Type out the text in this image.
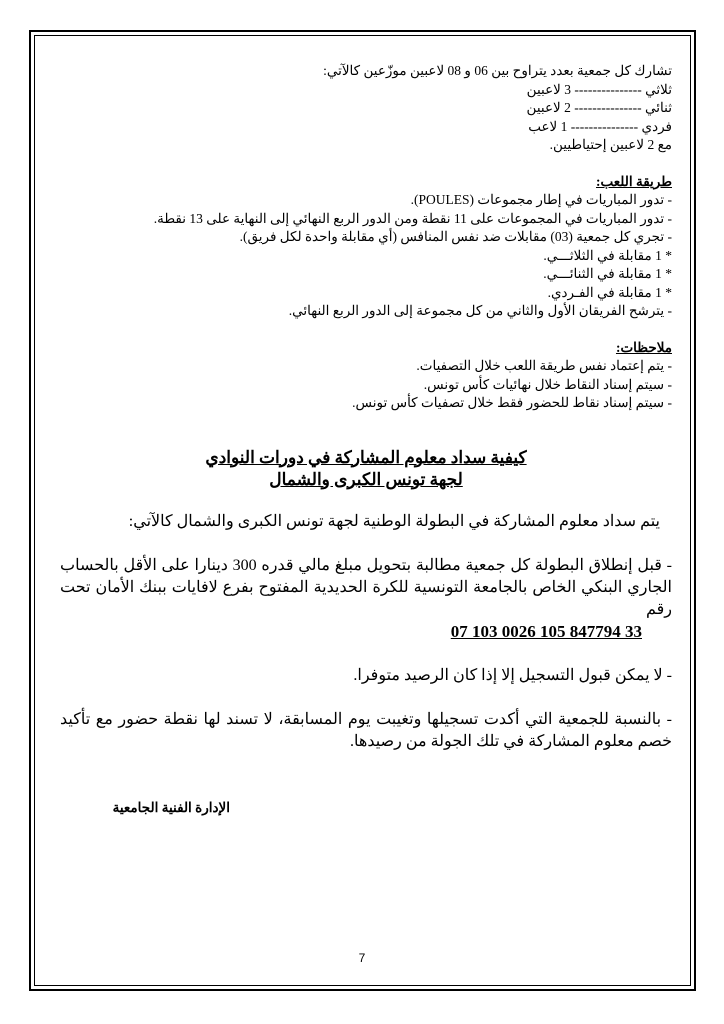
تشارك كل جمعية بعدد يتراوح بين 06 و 08 لاعبين موزّعين كالآتي:

ثلاثي --------------- 3 لاعبين

ثنائي --------------- 2 لاعبين

فردي --------------- 1 لاعب

مع 2 لاعبين إحتياطيين.

طريقة اللعب:

- تدور المباريات في إطار مجموعات (POULES).

- تدور المباريات في المجموعات على 11 نقطة ومن الدور الربع النهائي إلى النهاية على 13 نقطة.

- تجري كل جمعية (03) مقابلات ضد نفس المنافس (أي مقابلة واحدة لكل فريق).

* 1 مقابلة في الثلاثـــي.

* 1 مقابلة في الثنائـــي.

* 1 مقابلة في الفـردي.

- يترشح الفريقان الأول والثاني من كل مجموعة إلى الدور الربع النهائي.

ملاحظات:

- يتم إعتماد نفس طريقة اللعب خلال التصفيات.

- سيتم إسناد النقاط خلال نهائيات كأس تونس.

- سيتم إسناد نقاط للحضور فقط خلال تصفيات كأس تونس.

كيفية سداد معلوم المشاركة في دورات النوادي

لجهة تونس الكبرى والشمال

يتم سداد معلوم المشاركة في البطولة الوطنية لجهة تونس الكبرى والشمال كالآتي:

- قبل إنطلاق البطولة كل جمعية مطالبة بتحويل مبلغ مالي قدره 300 دينارا على الأقل بالحساب الجاري البنكي الخاص بالجامعة التونسية للكرة الحديدية المفتوح بفرع لافايات ببنك الأمان تحت رقم

07 103 0026 105 847794 33

- لا يمكن قبول التسجيل إلا إذا كان الرصيد متوفرا.

- بالنسبة للجمعية التي أكدت تسجيلها وتغيبت يوم المسابقة، لا تسند لها نقطة حضور مع تأكيد خصم معلوم المشاركة في تلك الجولة من رصيدها.

الإدارة الفنية الجامعية
7
